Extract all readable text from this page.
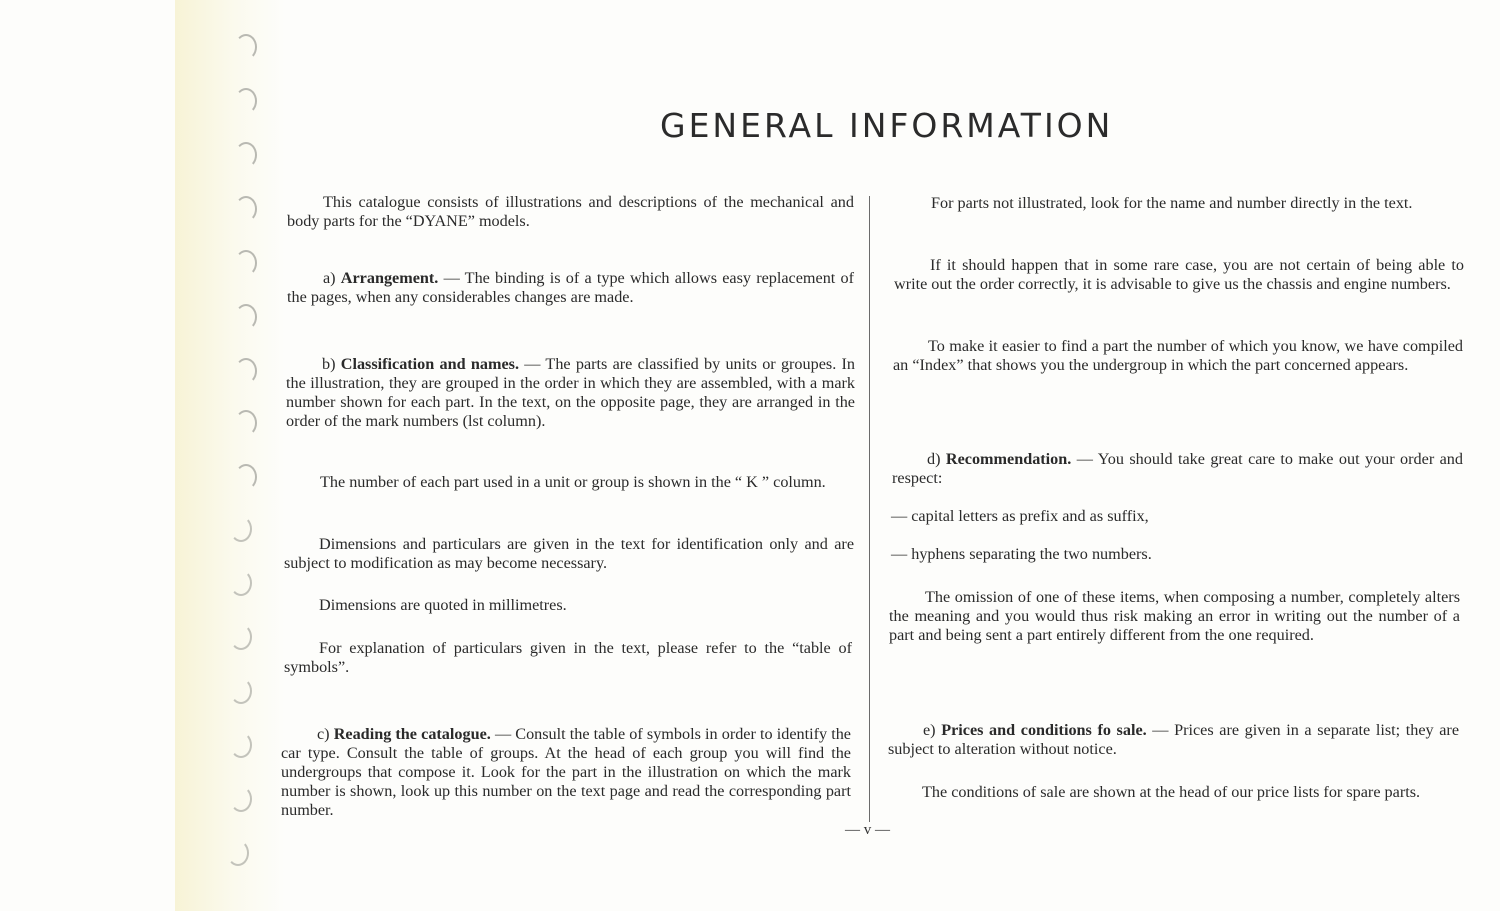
GENERAL INFORMATION

This catalogue consists of illustrations and descriptions of the mechanical and body parts for the “DYANE” models.

a) Arrangement. — The binding is of a type which allows easy replacement of the pages, when any considerables changes are made.

b) Classification and names. — The parts are classified by units or groupes. In the illustration, they are grouped in the order in which they are assembled, with a mark number shown for each part. In the text, on the opposite page, they are arranged in the order of the mark numbers (lst column).

The number of each part used in a unit or group is shown in the “ K ” column.

Dimensions and particulars are given in the text for identification only and are subject to modification as may become necessary.

Dimensions are quoted in millimetres.

For explanation of particulars given in the text, please refer to the “table of symbols”.

c) Reading the catalogue. — Consult the table of symbols in order to identify the car type. Consult the table of groups. At the head of each group you will find the undergroups that compose it. Look for the part in the illustration on which the mark number is shown, look up this number on the text page and read the corresponding part number.

For parts not illustrated, look for the name and number directly in the text.

If it should happen that in some rare case, you are not certain of being able to write out the order correctly, it is advisable to give us the chassis and engine numbers.

To make it easier to find a part the number of which you know, we have compiled an “Index” that shows you the undergroup in which the part concerned appears.

d) Recommendation. — You should take great care to make out your order and respect:

— capital letters as prefix and as suffix,

— hyphens separating the two numbers.

The omission of one of these items, when composing a number, completely alters the meaning and you would thus risk making an error in writing out the number of a part and being sent a part entirely different from the one required.

e) Prices and conditions fo sale. — Prices are given in a separate list; they are subject to alteration without notice.

The conditions of sale are shown at the head of our price lists for spare parts.

— v —
